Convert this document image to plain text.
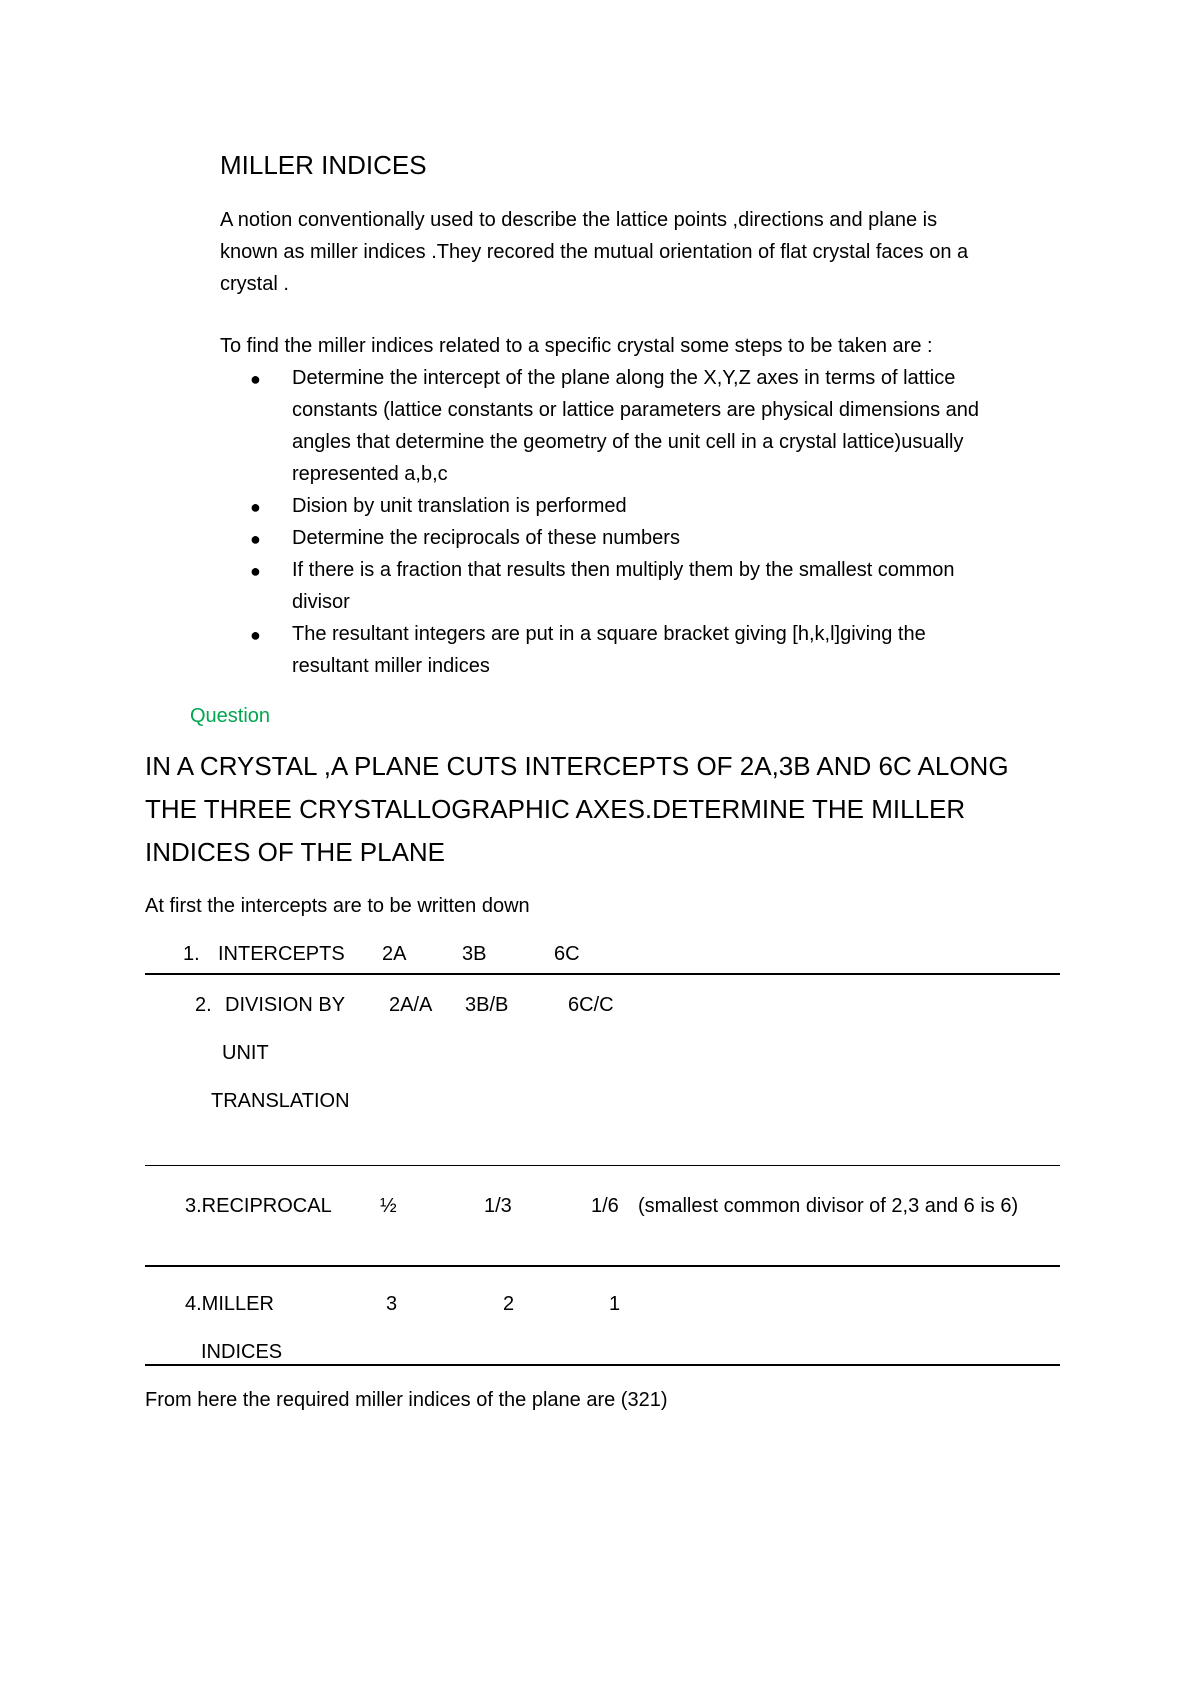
MILLER INDICES
A notion conventionally used to describe the lattice points ,directions and plane is
known as miller indices .They recored the mutual orientation of flat crystal faces on a
crystal .
To find the miller indices related to a specific crystal some steps to be taken are :
● Determine the intercept of the plane along the X,Y,Z axes in terms of lattice
constants (lattice constants or lattice parameters are physical dimensions and
angles that determine the geometry of the unit cell in a crystal lattice)usually
represented a,b,c
● Dision by unit translation is performed
● Determine the reciprocals of these numbers
● If there is a fraction that results then multiply them by the smallest common
divisor
● The resultant integers are put in a square bracket giving [h,k,l]giving the
resultant miller indices
Question
IN A CRYSTAL ,A PLANE CUTS INTERCEPTS OF 2A,3B AND 6C ALONG
THE THREE CRYSTALLOGRAPHIC AXES.DETERMINE THE MILLER
INDICES OF THE PLANE
At first the intercepts are to be written down
1. INTERCEPTS 2A	3B	6C
2. DIVISION BY
UNIT
TRANSLATION
2A/A 3B/B	6C/C
3.RECIPROCAL ½	1/3	1/6 (smallest common divisor of 2,3 and 6 is 6)
4.MILLER
INDICES
3	2	1
From here the required miller indices of the plane are (321)
